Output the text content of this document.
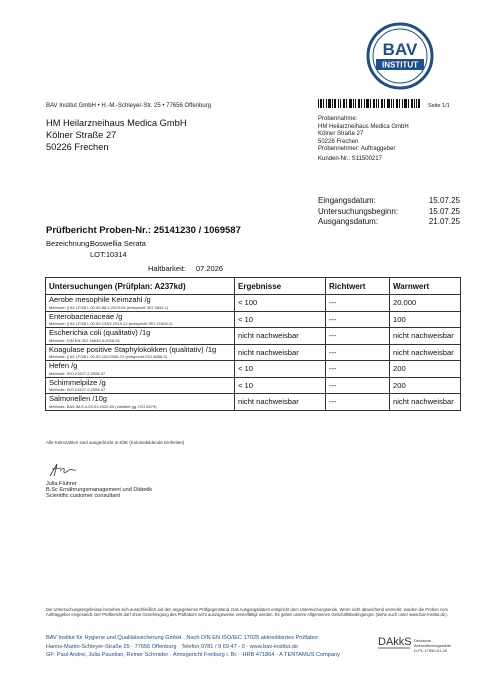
BAV
INSTITUT
BAV Institut GmbH • H.-M.-Schleyer-Str. 25 • 77656 Offenburg
HM Heilarzneihaus Medica GmbH
Kölner Straße 27
50226 Frechen
Seite 1/1
Probennahme:
HM Heilarzneihaus Medica GmbH
Kölner Straße 27
50226 Frechen
Probennehmer: Auftraggeber
Kunden-Nr.: S11500217
Eingangsdatum:	15.07.25
Untersuchungsbeginn:	15.07.25
Ausgangsdatum:	21.07.25
Prüfbericht Proben-Nr.: 25141230 / 1069587
Bezeichnung:Boswellia Serata
LOT:10314
Haltbarkeit: 07.2026
Untersuchungen (Prüfplan: A237kd)	Ergebnisse	Richtwert	Warnwert

Aerobe mesophile Keimzahl /g
Methode: § 64 LFGB L 00.00-88-1:2023-04 (entspricht ISO 4833-1)	< 100	---	20.000

Enterobacteriaceae /g
Methode: § 64 LFGB L 00.00-133/2:2019-12 (entspricht ISO 21528-2)	< 10	---	100

Escherichia coli (qualitativ) /1g
Methode: DIN EN ISO 16649-3:2016-01	nicht nachweisbar	---	nicht nachweisbar

Koagulase positive Staphylokokken (qualitativ) /1g
Methode: § 64 LFGB L 00.00-100:2006-12 (entspricht ISO 6888-3)	nicht nachweisbar	---	nicht nachweisbar

Hefen /g
Methode: ISO 21527-2:2008-07	< 10	---	200

Schimmelpilze /g
Methode: ISO 21527-2:2008-07	< 10	---	200

Salmonellen /10g
Methode: BAV-IM-5.4-09-01:2020-05 (validiert gg. ISO 6579)	nicht nachweisbar	---	nicht nachweisbar
Alle Keimzahlen sind ausgedrückt in KbE (Koloniebildende Einheiten)
Julia Fluhrer
B.Sc Ernährungsmanagement und Diätetik
Scientific customer consultant
Die Untersuchungsergebnisse beziehen sich ausschließlich auf den angegebenen Prüfgegenstand. Das Ausgangsdatum entspricht dem Untersuchungsende. Wenn nicht abweichend vermerkt, wurden die Proben vom Auftraggeber eingesandt. Der Prüfbericht darf ohne Genehmigung des Prüflabors nicht auszugsweise vervielfältigt werden. Es gelten unsere Allgemeinen Geschäftsbedingungen (siehe auch unter www.bav-institut.de).
BAV Institut für Hygiene und Qualitätssicherung GmbH · Nach DIN EN ISO/IEC 17025 akkreditiertes Prüflabor
Hanns-Martin-Schleyer-Straße 25 · 77656 Offenburg · Telefon 0781 / 9 69 47 - 0 · www.bav-institut.de
GF: Paul Andrei, Julia Paustian, Reiner Schmider · Amtsgericht Freiburg i. Br. · HRB 471864 · A TENTAMUS Company
DAkkS Deutsche
Akkreditierungsstelle
D-PL-17950-01-00
